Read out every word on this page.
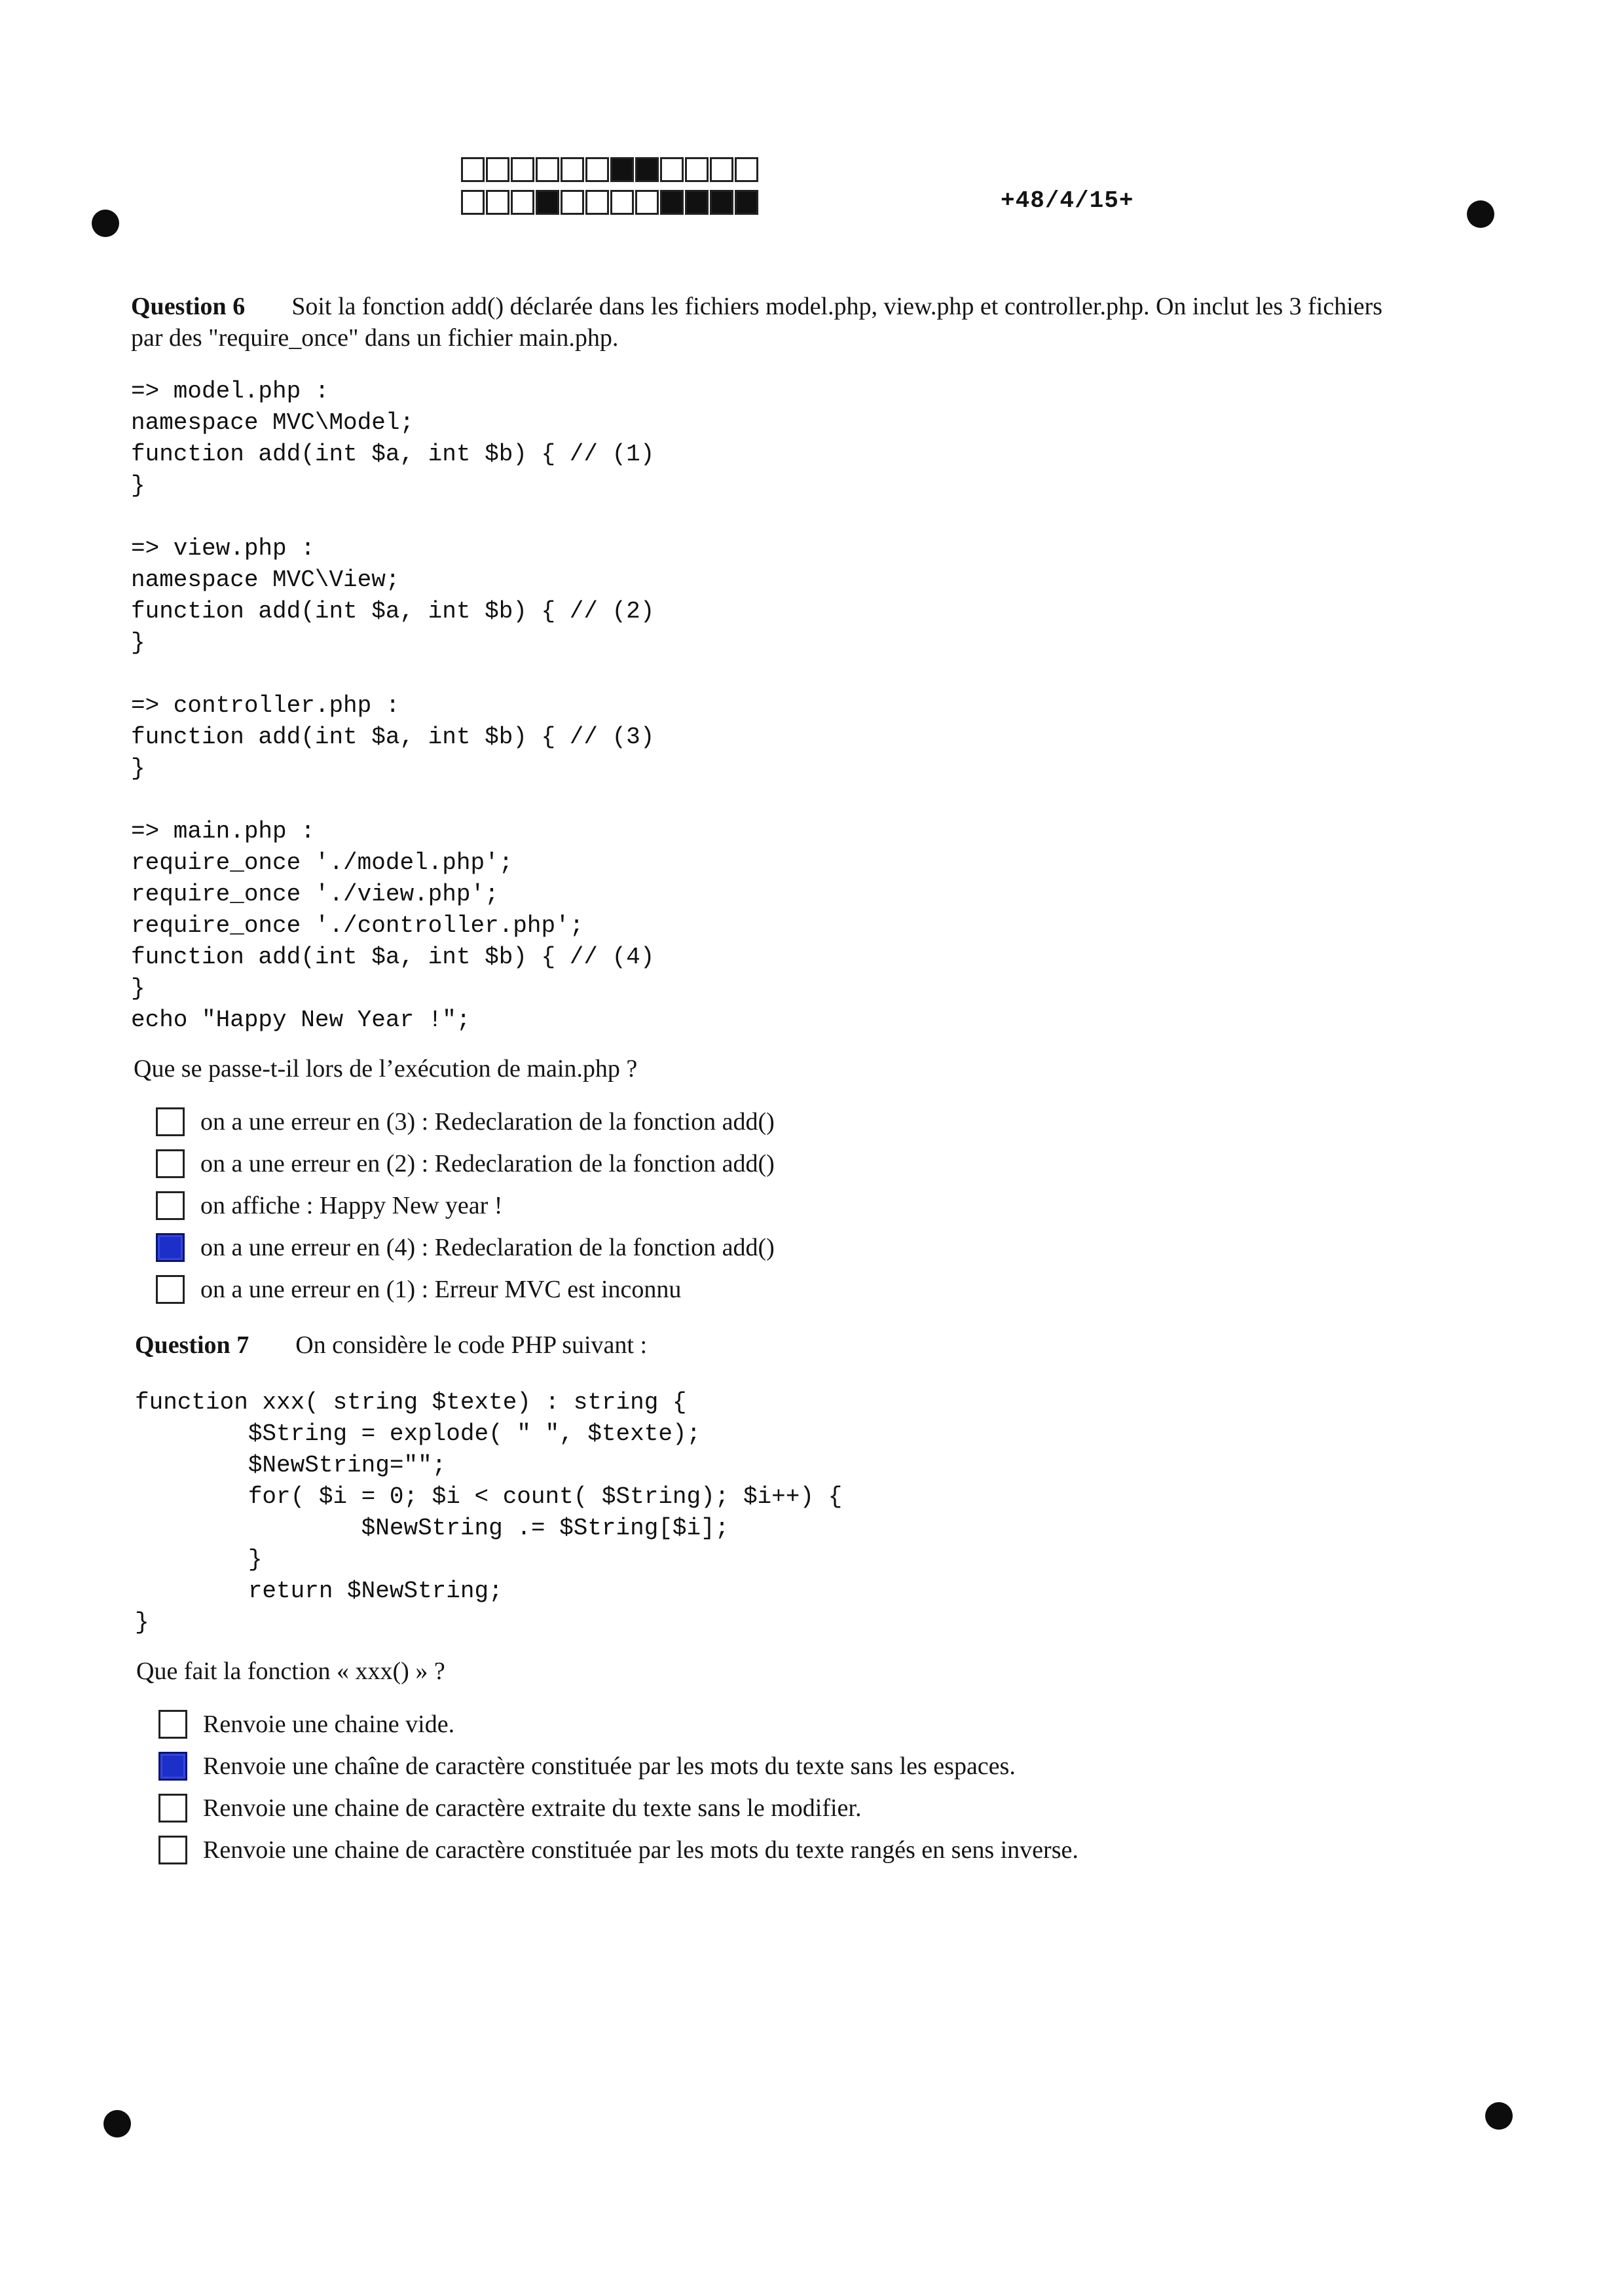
+48/4/15+
Question 6 Soit la fonction add() déclarée dans les fichiers model.php, view.php et controller.php. On inclut les 3 fichiers
par des "require_once" dans un fichier main.php.
=> model.php :
namespace MVC\Model;
function add(int $a, int $b) { // (1)
}
=> view.php :
namespace MVC\View;
function add(int $a, int $b) { // (2)
}
=> controller.php :
function add(int $a, int $b) { // (3)
}
=> main.php :
require_once './model.php';
require_once './view.php';
require_once './controller.php';
function add(int $a, int $b) { // (4)
}
echo "Happy New Year !";
Que se passe-t-il lors de l’exécution de main.php ?
on a une erreur en (3) : Redeclaration de la fonction add()
on a une erreur en (2) : Redeclaration de la fonction add()
on affiche : Happy New year !
on a une erreur en (4) : Redeclaration de la fonction add()
on a une erreur en (1) : Erreur MVC est inconnu
Question 7 On considère le code PHP suivant :
function xxx( string $texte) : string {
$String = explode( " ", $texte);
$NewString="";
for( $i = 0; $i < count( $String); $i++) {
$NewString .= $String[$i];
}
return $NewString;
}
Que fait la fonction « xxx() » ?
Renvoie une chaine vide.
Renvoie une chaîne de caractère constituée par les mots du texte sans les espaces.
Renvoie une chaine de caractère extraite du texte sans le modifier.
Renvoie une chaine de caractère constituée par les mots du texte rangés en sens inverse.
